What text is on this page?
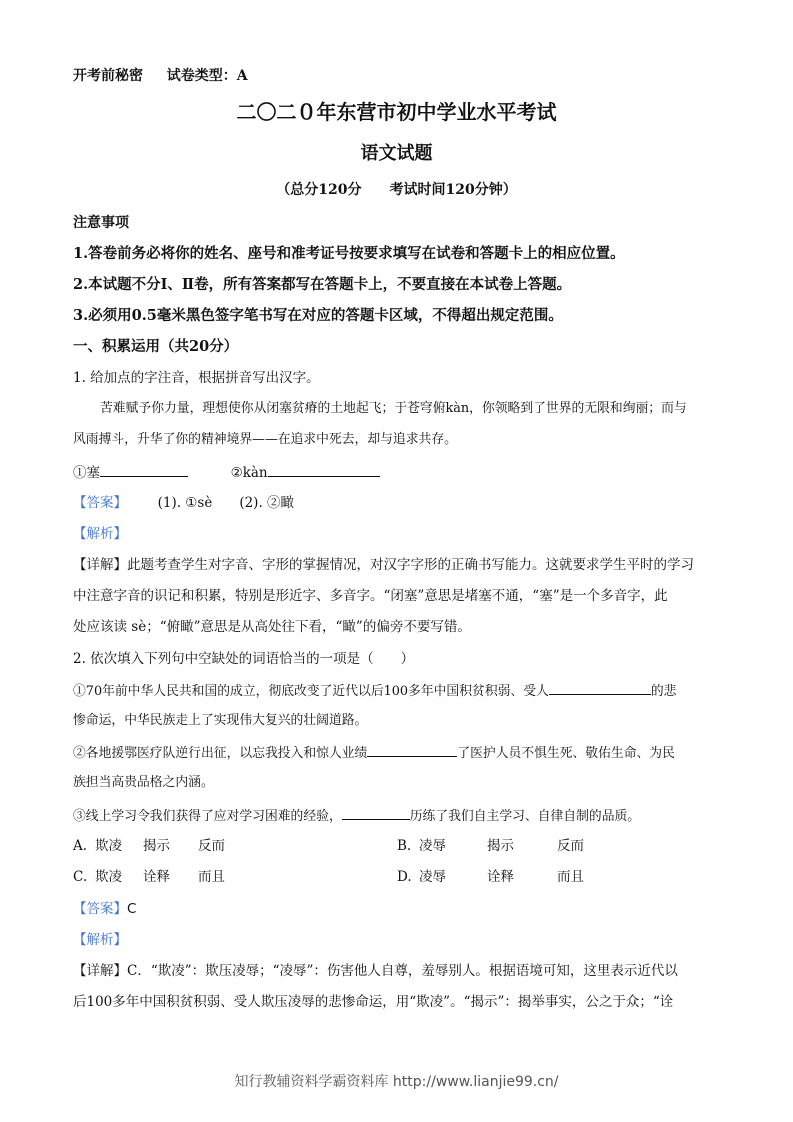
开考前秘密 试卷类型：A
二〇二０年东营市初中学业水平考试
语文试题
（总分120分　　考试时间120分钟）
注意事项
1.答卷前务必将你的姓名、座号和准考证号按要求填写在试卷和答题卡上的相应位置。
2.本试题不分Ⅰ、Ⅱ卷，所有答案都写在答题卡上，不要直接在本试卷上答题。
3.必须用0.5毫米黑色签字笔书写在对应的答题卡区域，不得超出规定范围。
一、积累运用（共20分）
1. 给加点的字注音，根据拼音写出汉字。
苦难赋予你力量，理想使你从闭塞贫瘠的土地起飞；于苍穹俯kàn，你领略到了世界的无限和绚丽；而与
风雨搏斗，升华了你的精神境界——在追求中死去，却与追求共存。
①塞	②kàn
【答案】 (1). ①sè　　(2). ②瞰
【解析】
【详解】此题考查学生对字音、字形的掌握情况，对汉字字形的正确书写能力。这就要求学生平时的学习
中注意字音的识记和积累，特别是形近字、多音字。“闭塞”意思是堵塞不通，“塞”是一个多音字，此
处应该读 sè；“俯瞰”意思是从高处往下看，“瞰”的偏旁不要写错。
2. 依次填入下列句中空缺处的词语恰当的一项是（　　）
①70年前中华人民共和国的成立，彻底改变了近代以后100多年中国积贫积弱、受人	的悲
惨命运，中华民族走上了实现伟大复兴的壮阔道路。
②各地援鄂医疗队逆行出征，以忘我投入和惊人业绩	了医护人员不惧生死、敬佑生命、为民
族担当高贵品格之内涵。
③线上学习令我们获得了应对学习困难的经验，	历练了我们自主学习、自律自制的品质。
A. 欺凌 揭示 反而	B. 凌辱	揭示	反而
C. 欺凌 诠释 而且	D. 凌辱	诠释	而且
【答案】C
【解析】
【详解】C．“欺凌”：欺压凌辱；“凌辱”：伤害他人自尊，羞辱别人。根据语境可知，这里表示近代以
后100多年中国积贫积弱、受人欺压凌辱的悲惨命运，用“欺凌”。“揭示”：揭举事实，公之于众；“诠
知行教辅资料学霸资料库 http://www.lianjie99.cn/
